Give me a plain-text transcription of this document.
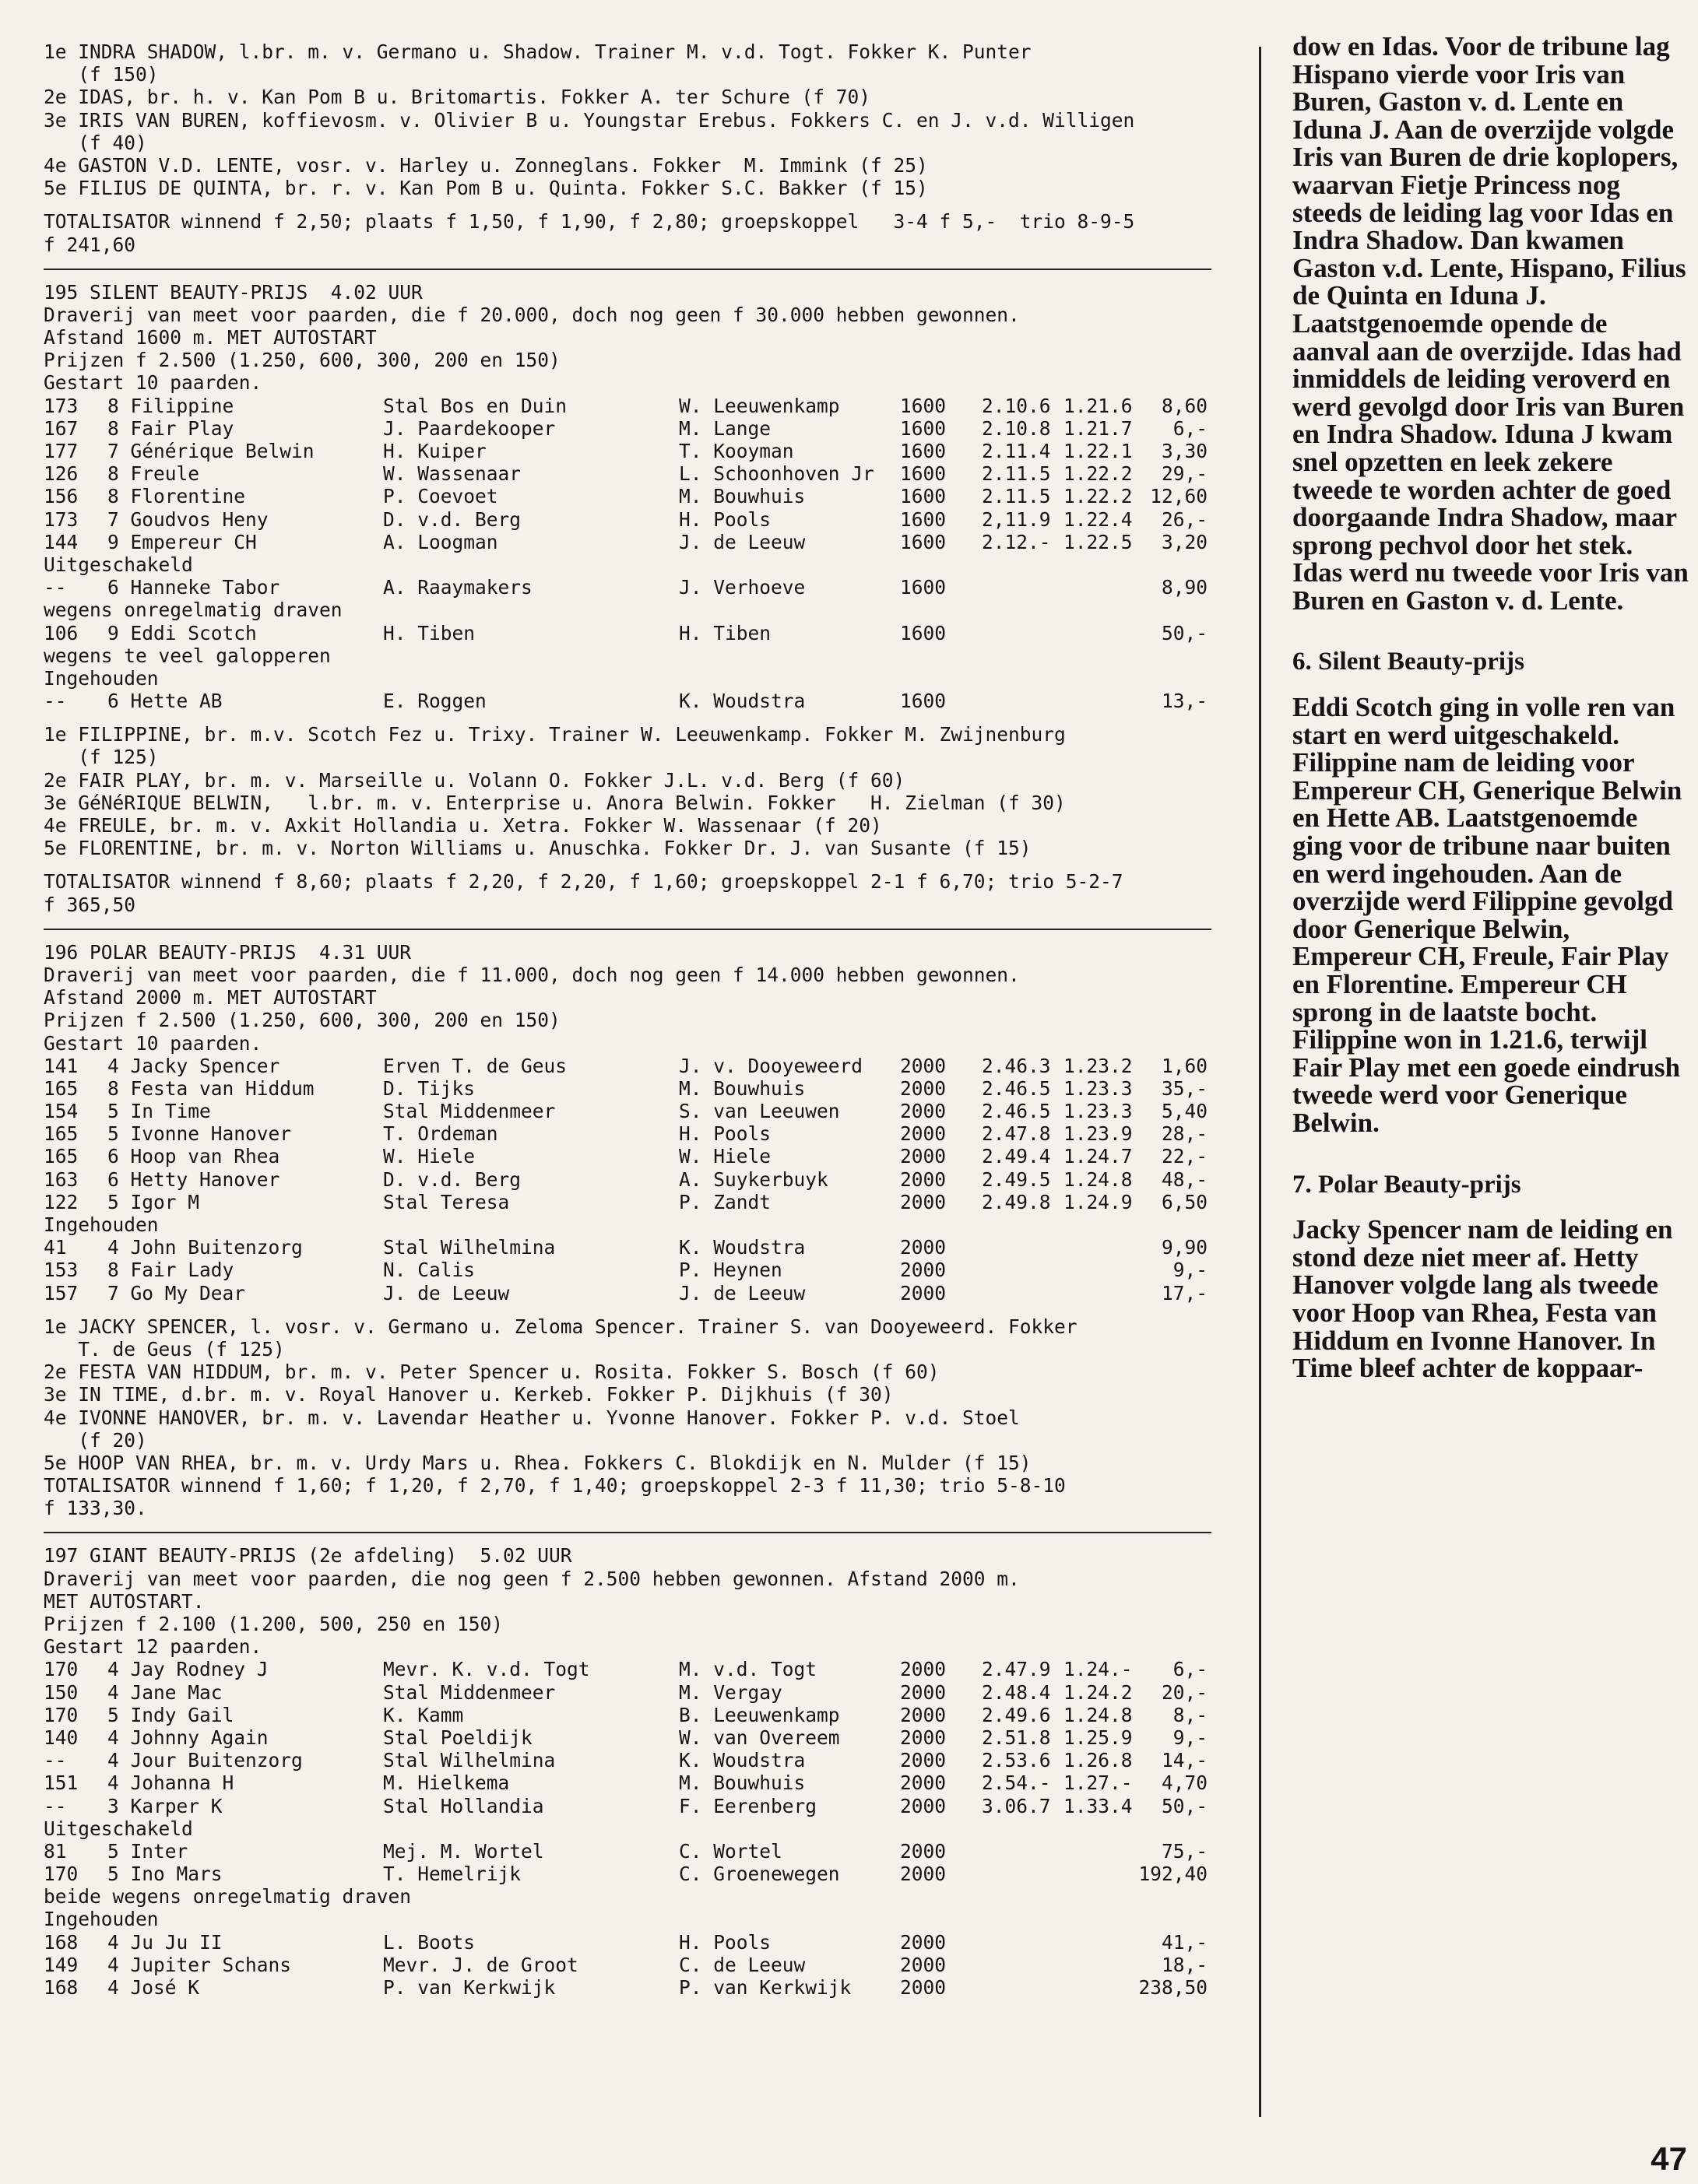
1e INDRA SHADOW, l.br. m. v. Germano u. Shadow. Trainer M. v.d. Togt. Fokker K. Punter
(f 150)
2e IDAS, br. h. v. Kan Pom B u. Britomartis. Fokker A. ter Schure (f 70)
3e IRIS VAN BUREN, koffievosm. v. Olivier B u. Youngstar Erebus. Fokkers C. en J. v.d. Willigen
(f 40)
4e GASTON V.D. LENTE, vosr. v. Harley u. Zonneglans. Fokker  M. Immink (f 25)
5e FILIUS DE QUINTA, br. r. v. Kan Pom B u. Quinta. Fokker S.C. Bakker (f 15)
TOTALISATOR winnend f 2,50; plaats f 1,50, f 1,90, f 2,80; groepskoppel   3-4 f 5,-  trio 8-9-5
f 241,60
195 SILENT BEAUTY-PRIJS  4.02 UUR
Draverij van meet voor paarden, die f 20.000, doch nog geen f 30.000 hebben gewonnen.
Afstand 1600 m. MET AUTOSTART
Prijzen f 2.500 (1.250, 600, 300, 200 en 150)
Gestart 10 paarden.
173 8 Filippine	Stal Bos en Duin	W. Leeuwenkamp	1600 2.10.6 1.21.6	8,60
167 8 Fair Play	J. Paardekooper	M. Lange	1600 2.10.8 1.21.7	6,-
177 7 Générique Belwin	H. Kuiper	T. Kooyman	1600 2.11.4 1.22.1	3,30
126 8 Freule	W. Wassenaar	L. Schoonhoven Jr 1600 2.11.5 1.22.2	29,-
156 8 Florentine	P. Coevoet	M. Bouwhuis	1600 2.11.5 1.22.2 12,60
173 7 Goudvos Heny	D. v.d. Berg	H. Pools	1600 2,11.9 1.22.4	26,-
144 9 Empereur CH	A. Loogman	J. de Leeuw	1600 2.12.- 1.22.5	3,20
Uitgeschakeld
-- 6 Hanneke Tabor	A. Raaymakers	J. Verhoeve	1600	8,90
wegens onregelmatig draven
106 9 Eddi Scotch	H. Tiben	H. Tiben	1600	50,-
wegens te veel galopperen
Ingehouden
-- 6 Hette AB	E. Roggen	K. Woudstra	1600	13,-
1e FILIPPINE, br. m.v. Scotch Fez u. Trixy. Trainer W. Leeuwenkamp. Fokker M. Zwijnenburg
(f 125)
2e FAIR PLAY, br. m. v. Marseille u. Volann O. Fokker J.L. v.d. Berg (f 60)
3e GéNéRIQUE BELWIN,   l.br. m. v. Enterprise u. Anora Belwin. Fokker   H. Zielman (f 30)
4e FREULE, br. m. v. Axkit Hollandia u. Xetra. Fokker W. Wassenaar (f 20)
5e FLORENTINE, br. m. v. Norton Williams u. Anuschka. Fokker Dr. J. van Susante (f 15)
TOTALISATOR winnend f 8,60; plaats f 2,20, f 2,20, f 1,60; groepskoppel 2-1 f 6,70; trio 5-2-7
f 365,50
196 POLAR BEAUTY-PRIJS  4.31 UUR
Draverij van meet voor paarden, die f 11.000, doch nog geen f 14.000 hebben gewonnen.
Afstand 2000 m. MET AUTOSTART
Prijzen f 2.500 (1.250, 600, 300, 200 en 150)
Gestart 10 paarden.
141 4 Jacky Spencer	Erven T. de Geus	J. v. Dooyeweerd 2000 2.46.3 1.23.2	1,60
165 8 Festa van Hiddum	D. Tijks	M. Bouwhuis	2000 2.46.5 1.23.3	35,-
154 5 In Time	Stal Middenmeer	S. van Leeuwen	2000 2.46.5 1.23.3	5,40
165 5 Ivonne Hanover	T. Ordeman	H. Pools	2000 2.47.8 1.23.9	28,-
165 6 Hoop van Rhea	W. Hiele	W. Hiele	2000 2.49.4 1.24.7	22,-
163 6 Hetty Hanover	D. v.d. Berg	A. Suykerbuyk	2000 2.49.5 1.24.8	48,-
122 5 Igor M	Stal Teresa	P. Zandt	2000 2.49.8 1.24.9	6,50
Ingehouden
41 4 John Buitenzorg	Stal Wilhelmina	K. Woudstra	2000	9,90
153 8 Fair Lady	N. Calis	P. Heynen	2000	9,-
157 7 Go My Dear	J. de Leeuw	J. de Leeuw	2000	17,-
1e JACKY SPENCER, l. vosr. v. Germano u. Zeloma Spencer. Trainer S. van Dooyeweerd. Fokker
T. de Geus (f 125)
2e FESTA VAN HIDDUM, br. m. v. Peter Spencer u. Rosita. Fokker S. Bosch (f 60)
3e IN TIME, d.br. m. v. Royal Hanover u. Kerkeb. Fokker P. Dijkhuis (f 30)
4e IVONNE HANOVER, br. m. v. Lavendar Heather u. Yvonne Hanover. Fokker P. v.d. Stoel
(f 20)
5e HOOP VAN RHEA, br. m. v. Urdy Mars u. Rhea. Fokkers C. Blokdijk en N. Mulder (f 15)
TOTALISATOR winnend f 1,60; f 1,20, f 2,70, f 1,40; groepskoppel 2-3 f 11,30; trio 5-8-10
f 133,30.
197 GIANT BEAUTY-PRIJS (2e afdeling)  5.02 UUR
Draverij van meet voor paarden, die nog geen f 2.500 hebben gewonnen. Afstand 2000 m.
MET AUTOSTART.
Prijzen f 2.100 (1.200, 500, 250 en 150)
Gestart 12 paarden.
170 4 Jay Rodney J	Mevr. K. v.d. Togt	M. v.d. Togt	2000 2.47.9 1.24.-	6,-
150 4 Jane Mac	Stal Middenmeer	M. Vergay	2000 2.48.4 1.24.2	20,-
170 5 Indy Gail	K. Kamm	B. Leeuwenkamp	2000 2.49.6 1.24.8	8,-
140 4 Johnny Again	Stal Poeldijk	W. van Overeem	2000 2.51.8 1.25.9	9,-
-- 4 Jour Buitenzorg	Stal Wilhelmina	K. Woudstra	2000 2.53.6 1.26.8	14,-
151 4 Johanna H	M. Hielkema	M. Bouwhuis	2000 2.54.- 1.27.-	4,70
-- 3 Karper K	Stal Hollandia	F. Eerenberg	2000 3.06.7 1.33.4	50,-
Uitgeschakeld
81 5 Inter	Mej. M. Wortel	C. Wortel	2000	75,-
170 5 Ino Mars	T. Hemelrijk	C. Groenewegen	2000	192,40
beide wegens onregelmatig draven
Ingehouden
168 4 Ju Ju II	L. Boots	H. Pools	2000	41,-
149 4 Jupiter Schans	Mevr. J. de Groot	C. de Leeuw	2000	18,-
168 4 José K	P. van Kerkwijk	P. van Kerkwijk	2000	238,50
dow en Idas. Voor de tribune lag Hispano vierde voor Iris van Buren, Gaston v. d. Lente en Iduna J. Aan de overzijde volgde Iris van Buren de drie koplopers, waarvan Fietje Princess nog steeds de leiding lag voor Idas en Indra Shadow. Dan kwamen Gaston v.d. Lente, Hispano, Filius de Quinta en Iduna J. Laatstgenoemde opende de aanval aan de overzijde. Idas had inmiddels de leiding veroverd en werd gevolgd door Iris van Buren en Indra Shadow. Iduna J kwam snel opzetten en leek zekere tweede te worden achter de goed doorgaande Indra Shadow, maar sprong pechvol door het stek. Idas werd nu tweede voor Iris van Buren en Gaston v. d. Lente.
6. Silent Beauty-prijs
Eddi Scotch ging in volle ren van start en werd uitgeschakeld. Filippine nam de leiding voor Empereur CH, Generique Belwin en Hette AB. Laatstgenoemde ging voor de tribune naar buiten en werd ingehouden. Aan de overzijde werd Filippine gevolgd door Generique Belwin, Empereur CH, Freule, Fair Play en Florentine. Empereur CH sprong in de laatste bocht. Filippine won in 1.21.6, terwijl Fair Play met een goede eindrush tweede werd voor Generique Belwin.
7. Polar Beauty-prijs
Jacky Spencer nam de leiding en stond deze niet meer af. Hetty Hanover volgde lang als tweede voor Hoop van Rhea, Festa van Hiddum en Ivonne Hanover. In Time bleef achter de koppaar-
47
